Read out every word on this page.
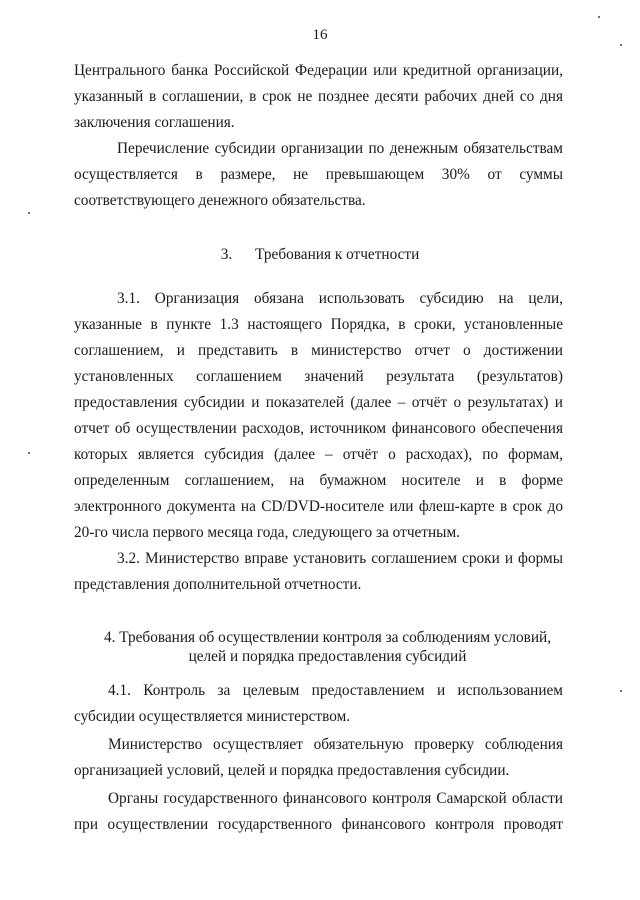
16
Центрального банка Российской Федерации или кредитной организации,
указанный в соглашении, в срок не позднее десяти рабочих дней со дня
заключения соглашения.
Перечисление субсидии организации по денежным обязательствам
осуществляется в размере, не превышающем 30% от суммы
соответствующего денежного обязательства.
3.  Требования к отчетности
3.1. Организация обязана использовать субсидию на цели,
указанные в пункте 1.3 настоящего Порядка, в сроки, установленные
соглашением, и представить в министерство отчет о достижении
установленных соглашением значений результата (результатов)
предоставления субсидии и показателей (далее – отчёт о результатах) и
отчет об осуществлении расходов, источником финансового обеспечения
которых является субсидия (далее – отчёт о расходах), по формам,
определенным соглашением, на бумажном носителе и в форме
электронного документа на CD/DVD-носителе или флеш-карте в срок до
20-го числа первого месяца года, следующего за отчетным.
3.2. Министерство вправе установить соглашением сроки и формы
представления дополнительной отчетности.
4. Требования об осуществлении контроля за соблюдениям условий,
целей и порядка предоставления субсидий
4.1. Контроль за целевым предоставлением и использованием
субсидии осуществляется министерством.
Министерство осуществляет обязательную проверку соблюдения
организацией условий, целей и порядка предоставления субсидии.
Органы государственного финансового контроля Самарской области
при осуществлении государственного финансового контроля проводят
